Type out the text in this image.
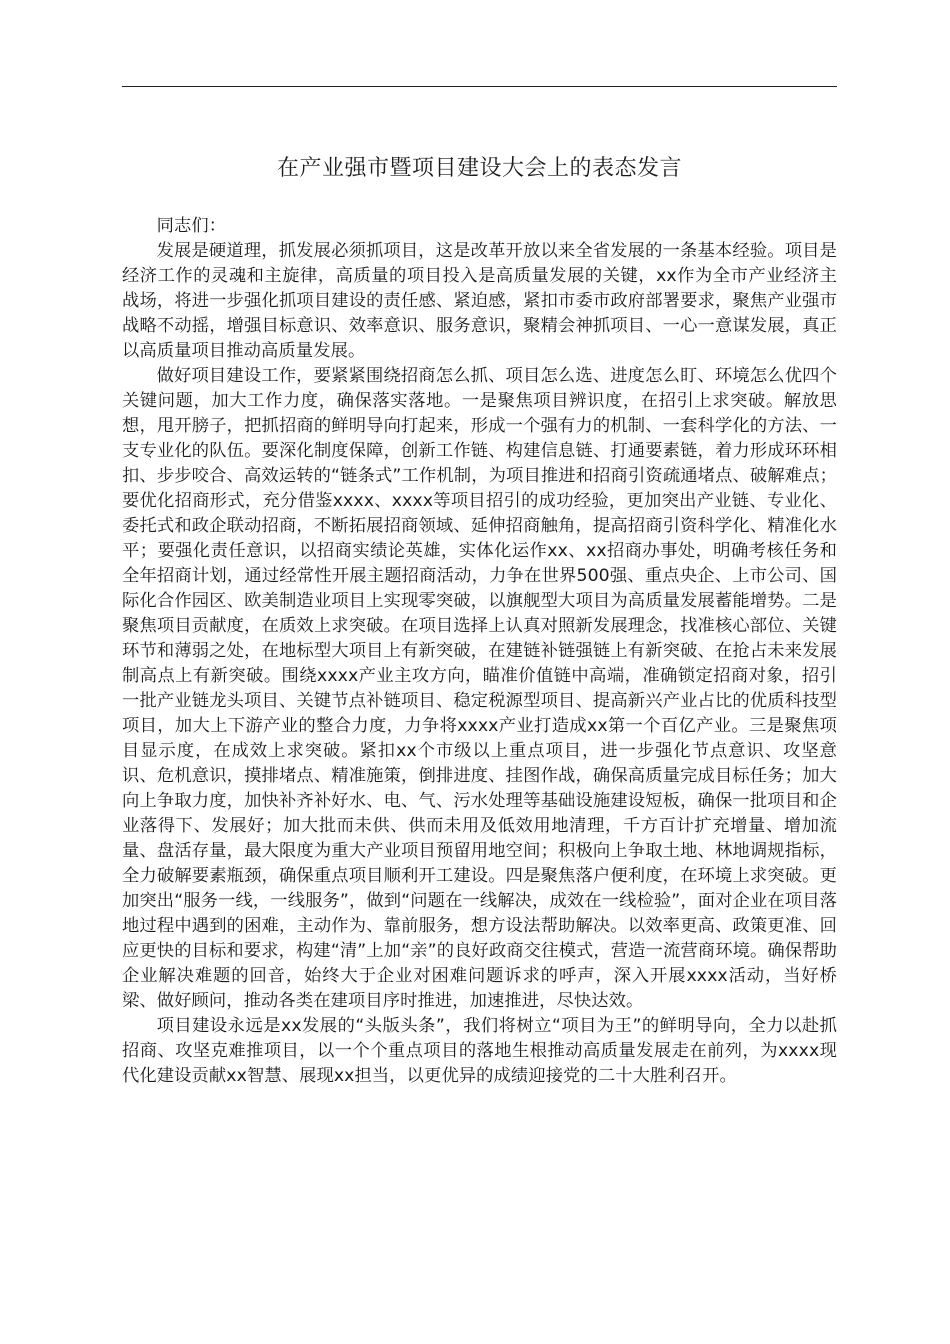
在产业强市暨项目建设大会上的表态发言

同志们：

发展是硬道理，抓发展必须抓项目，这是改革开放以来全省发展的一条基本经验。项目是经济工作的灵魂和主旋律，高质量的项目投入是高质量发展的关键，xx作为全市产业经济主战场，将进一步强化抓项目建设的责任感、紧迫感，紧扣市委市政府部署要求，聚焦产业强市战略不动摇，增强目标意识、效率意识、服务意识，聚精会神抓项目、一心一意谋发展，真正以高质量项目推动高质量发展。

做好项目建设工作，要紧紧围绕招商怎么抓、项目怎么选、进度怎么盯、环境怎么优四个关键问题，加大工作力度，确保落实落地。一是聚焦项目辨识度，在招引上求突破。解放思想，甩开膀子，把抓招商的鲜明导向打起来，形成一个强有力的机制、一套科学化的方法、一支专业化的队伍。要深化制度保障，创新工作链、构建信息链、打通要素链，着力形成环环相扣、步步咬合、高效运转的“链条式”工作机制，为项目推进和招商引资疏通堵点、破解难点；要优化招商形式，充分借鉴xxxx、xxxx等项目招引的成功经验，更加突出产业链、专业化、委托式和政企联动招商，不断拓展招商领域、延伸招商触角，提高招商引资科学化、精准化水平；要强化责任意识，以招商实绩论英雄，实体化运作xx、xx招商办事处，明确考核任务和全年招商计划，通过经常性开展主题招商活动，力争在世界500强、重点央企、上市公司、国际化合作园区、欧美制造业项目上实现零突破，以旗舰型大项目为高质量发展蓄能增势。二是聚焦项目贡献度，在质效上求突破。在项目选择上认真对照新发展理念，找准核心部位、关键环节和薄弱之处，在地标型大项目上有新突破，在建链补链强链上有新突破、在抢占未来发展制高点上有新突破。围绕xxxx产业主攻方向，瞄准价值链中高端，准确锁定招商对象，招引一批产业链龙头项目、关键节点补链项目、稳定税源型项目、提高新兴产业占比的优质科技型项目，加大上下游产业的整合力度，力争将xxxx产业打造成xx第一个百亿产业。三是聚焦项目显示度，在成效上求突破。紧扣xx个市级以上重点项目，进一步强化节点意识、攻坚意识、危机意识，摸排堵点、精准施策，倒排进度、挂图作战，确保高质量完成目标任务；加大向上争取力度，加快补齐补好水、电、气、污水处理等基础设施建设短板，确保一批项目和企业落得下、发展好；加大批而未供、供而未用及低效用地清理，千方百计扩充增量、增加流量、盘活存量，最大限度为重大产业项目预留用地空间；积极向上争取土地、林地调规指标，全力破解要素瓶颈，确保重点项目顺利开工建设。四是聚焦落户便利度，在环境上求突破。更加突出“服务一线，一线服务”，做到“问题在一线解决，成效在一线检验”，面对企业在项目落地过程中遇到的困难，主动作为、靠前服务，想方设法帮助解决。以效率更高、政策更准、回应更快的目标和要求，构建“清”上加“亲”的良好政商交往模式，营造一流营商环境。确保帮助企业解决难题的回音，始终大于企业对困难问题诉求的呼声，深入开展xxxx活动，当好桥梁、做好顾问，推动各类在建项目序时推进，加速推进，尽快达效。

项目建设永远是xx发展的“头版头条”，我们将树立“项目为王”的鲜明导向，全力以赴抓招商、攻坚克难推项目，以一个个重点项目的落地生根推动高质量发展走在前列，为xxxx现代化建设贡献xx智慧、展现xx担当，以更优异的成绩迎接党的二十大胜利召开。
